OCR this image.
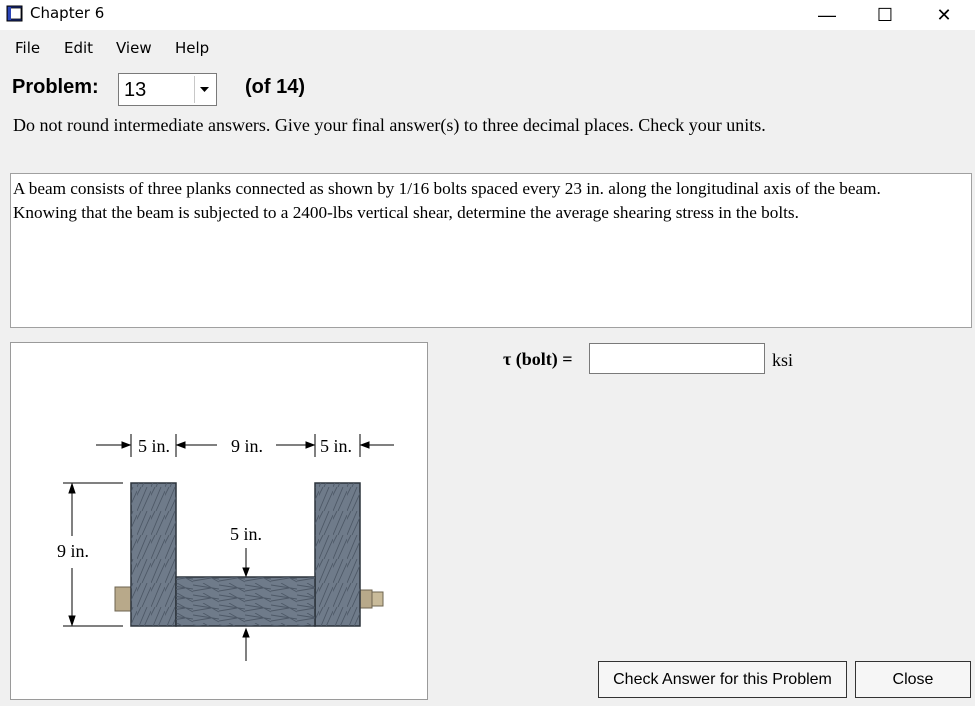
Chapter 6	—	☐	✕
File Edit View Help
Problem: 13	(of 14)
Do not round intermediate answers. Give your final answer(s) to three decimal places. Check your units.
A beam consists of three planks connected as shown by 1/16 bolts spaced every 23 in. along the longitudinal axis of the beam.
Knowing that the beam is subjected to a 2400-lbs vertical shear, determine the average shearing stress in the bolts.
5 in.	9 in.	5 in.
9 in.
5 in.
τ (bolt) =	ksi
Check Answer for this Problem	Close
